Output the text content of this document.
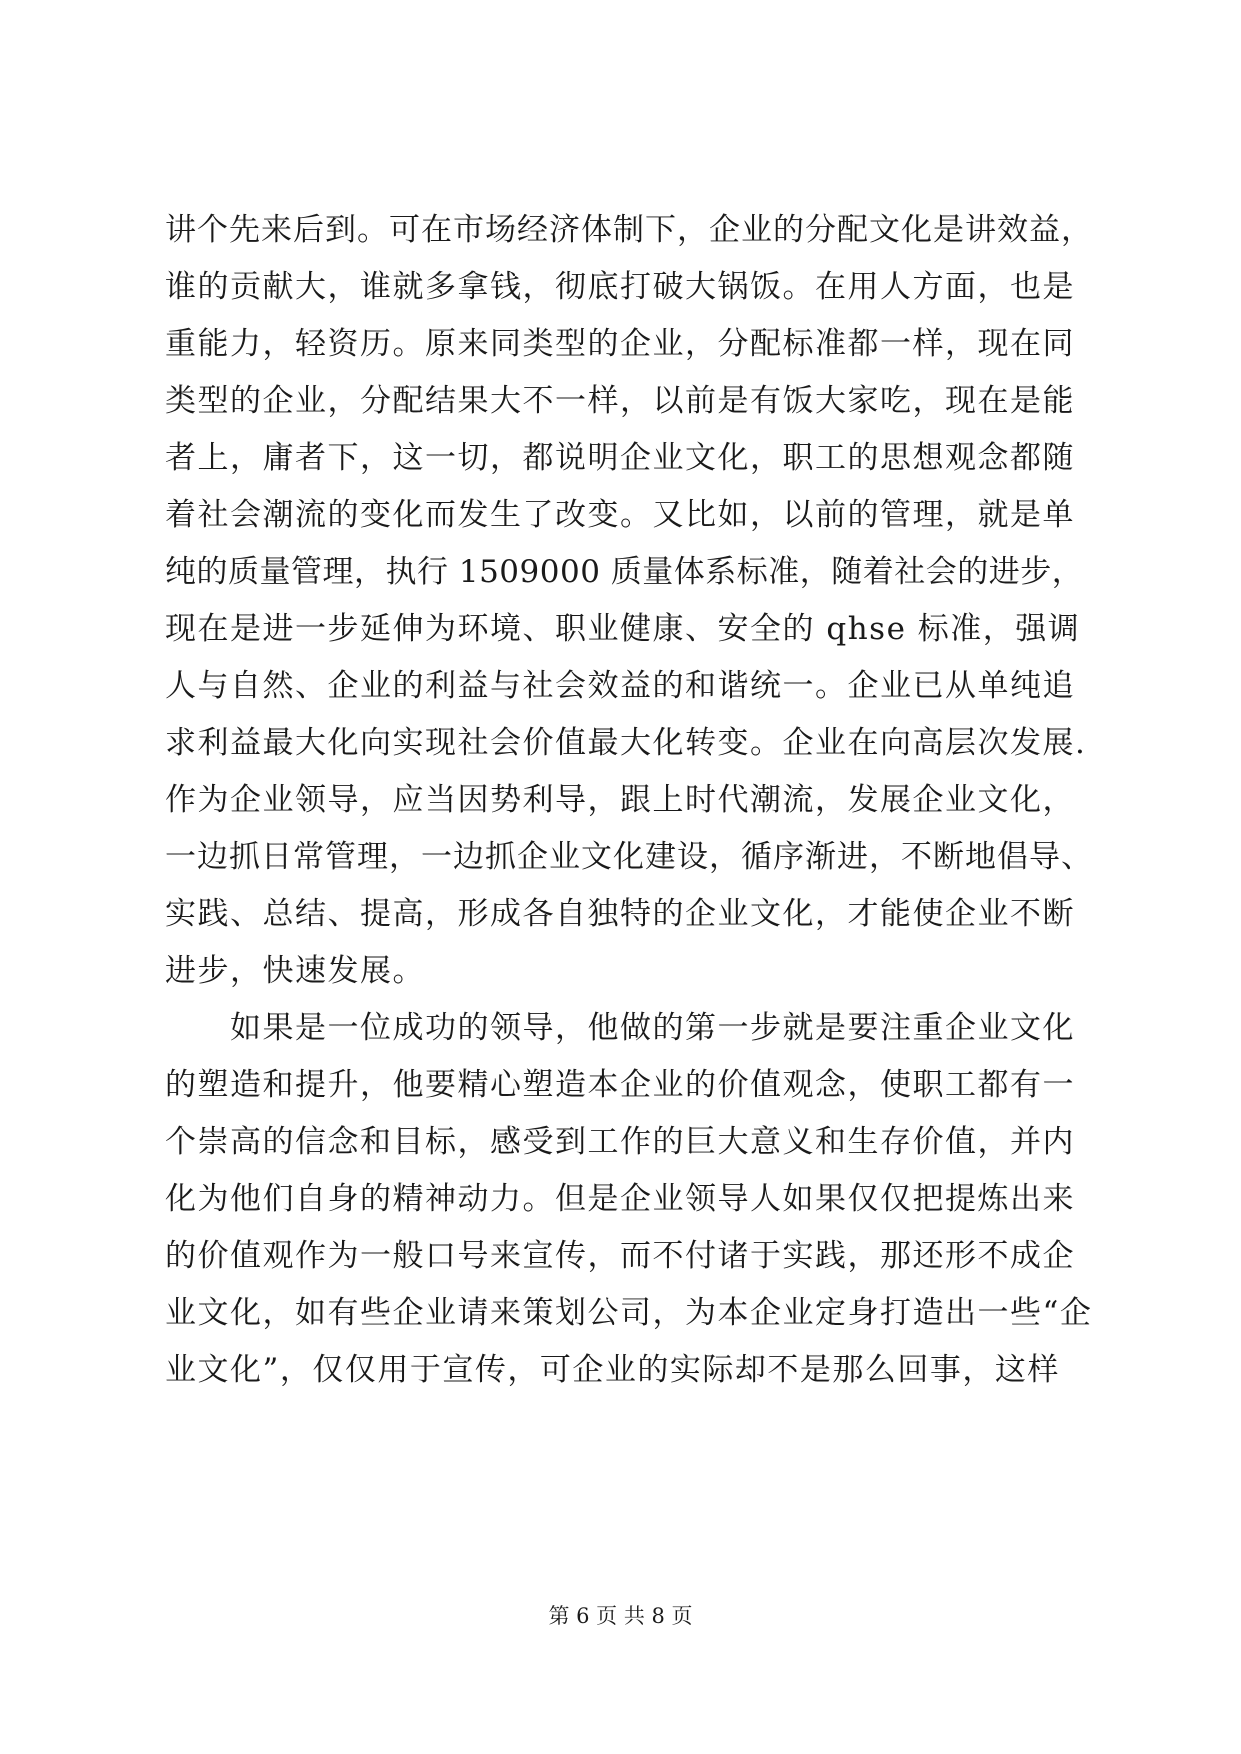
讲个先来后到。可在市场经济体制下，企业的分配文化是讲效益，
谁的贡献大，谁就多拿钱，彻底打破大锅饭。在用人方面，也是
重能力，轻资历。原来同类型的企业，分配标准都一样，现在同
类型的企业，分配结果大不一样，以前是有饭大家吃，现在是能
者上，庸者下，这一切，都说明企业文化，职工的思想观念都随
着社会潮流的变化而发生了改变。又比如，以前的管理，就是单
纯的质量管理，执行 1509000 质量体系标准，随着社会的进步，
现在是进一步延伸为环境、职业健康、安全的 qhse 标准，强调
人与自然、企业的利益与社会效益的和谐统一。企业已从单纯追
求利益最大化向实现社会价值最大化转变。企业在向高层次发展.
作为企业领导，应当因势利导，跟上时代潮流，发展企业文化，
一边抓日常管理，一边抓企业文化建设，循序渐进，不断地倡导、
实践、总结、提高，形成各自独特的企业文化，才能使企业不断
进步，快速发展。
　　如果是一位成功的领导，他做的第一步就是要注重企业文化
的塑造和提升，他要精心塑造本企业的价值观念，使职工都有一
个崇高的信念和目标，感受到工作的巨大意义和生存价值，并内
化为他们自身的精神动力。但是企业领导人如果仅仅把提炼出来
的价值观作为一般口号来宣传，而不付诸于实践，那还形不成企
业文化，如有些企业请来策划公司，为本企业定身打造出一些“企
业文化”，仅仅用于宣传，可企业的实际却不是那么回事，这样
第 6 页 共 8 页
